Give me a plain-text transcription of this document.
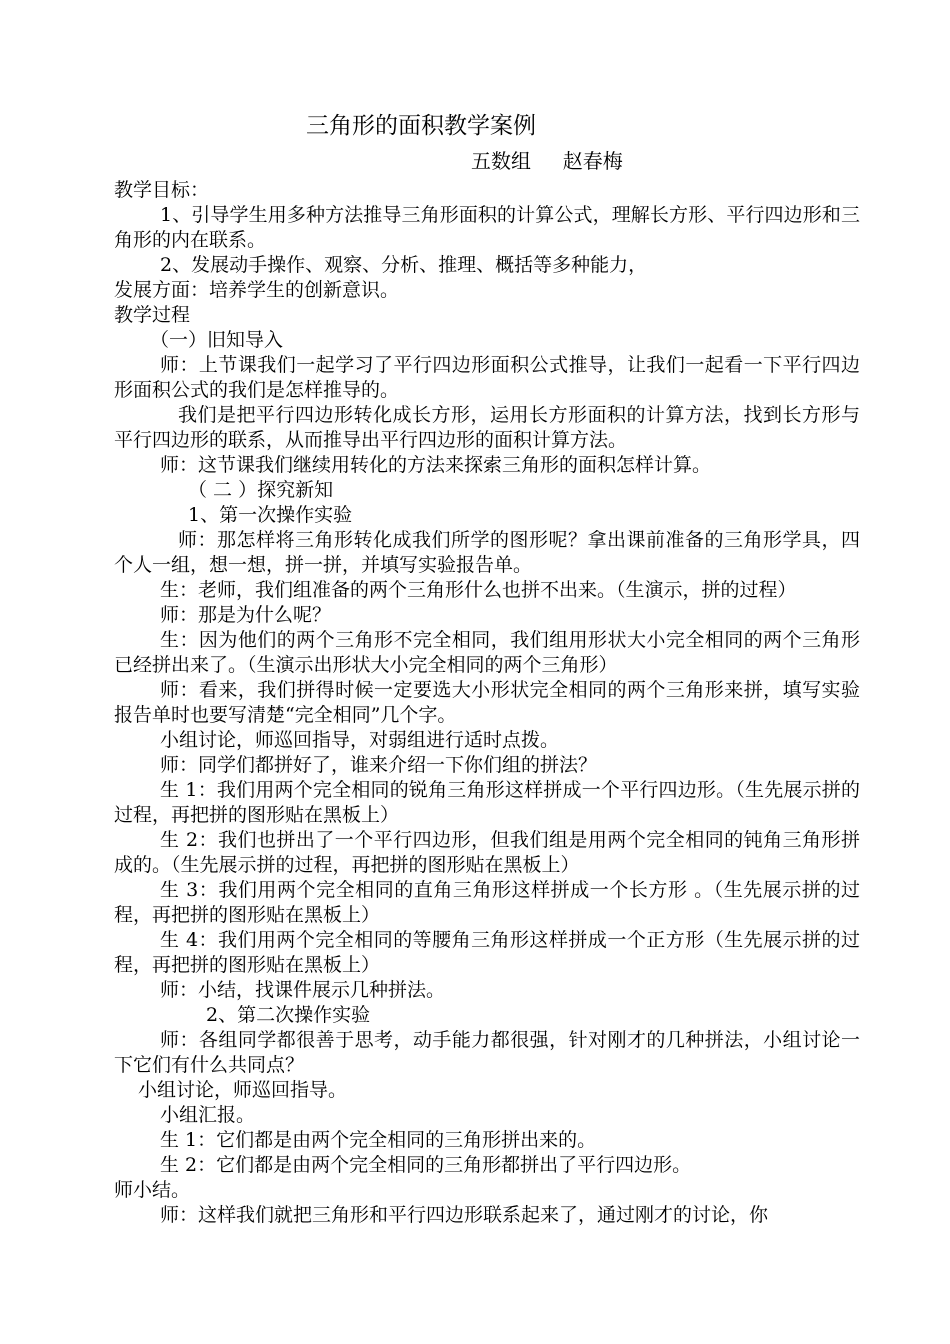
三角形的面积教学案例

五数组     赵春梅

教学目标：

1、引导学生用多种方法推导三角形面积的计算公式，理解长方形、平行四边形和三角形的内在联系。

2、发展动手操作、观察、分析、推理、概括等多种能力，

发展方面：培养学生的创新意识。

教学过程

（一）旧知导入

师：上节课我们一起学习了平行四边形面积公式推导，让我们一起看一下平行四边形面积公式的我们是怎样推导的。

我们是把平行四边形转化成长方形，运用长方形面积的计算方法，找到长方形与平行四边形的联系，从而推导出平行四边形的面积计算方法。

师：这节课我们继续用转化的方法来探索三角形的面积怎样计算。

（ 二 ）探究新知

1、第一次操作实验

师：那怎样将三角形转化成我们所学的图形呢？拿出课前准备的三角形学具，四个人一组，想一想，拼一拼，并填写实验报告单。

生：老师，我们组准备的两个三角形什么也拼不出来。（生演示，拼的过程）

师：那是为什么呢？

生：因为他们的两个三角形不完全相同，我们组用形状大小完全相同的两个三角形已经拼出来了。（生演示出形状大小完全相同的两个三角形）

师：看来，我们拼得时候一定要选大小形状完全相同的两个三角形来拼，填写实验报告单时也要写清楚“完全相同”几个字。

小组讨论，师巡回指导，对弱组进行适时点拨。

师：同学们都拼好了，谁来介绍一下你们组的拼法？

生 1：我们用两个完全相同的锐角三角形这样拼成一个平行四边形。（生先展示拼的过程，再把拼的图形贴在黑板上）

生 2：我们也拼出了一个平行四边形，但我们组是用两个完全相同的钝角三角形拼成的。（生先展示拼的过程，再把拼的图形贴在黑板上）

生 3：我们用两个完全相同的直角三角形这样拼成一个长方形 。（生先展示拼的过程，再把拼的图形贴在黑板上）

生 4：我们用两个完全相同的等腰角三角形这样拼成一个正方形（生先展示拼的过程，再把拼的图形贴在黑板上）

师：小结，找课件展示几种拼法。

2、第二次操作实验

师：各组同学都很善于思考，动手能力都很强，针对刚才的几种拼法，小组讨论一下它们有什么共同点？

小组讨论，师巡回指导。

小组汇报。

生 1：它们都是由两个完全相同的三角形拼出来的。

生 2：它们都是由两个完全相同的三角形都拼出了平行四边形。

师小结。

师：这样我们就把三角形和平行四边形联系起来了，通过刚才的讨论，你
